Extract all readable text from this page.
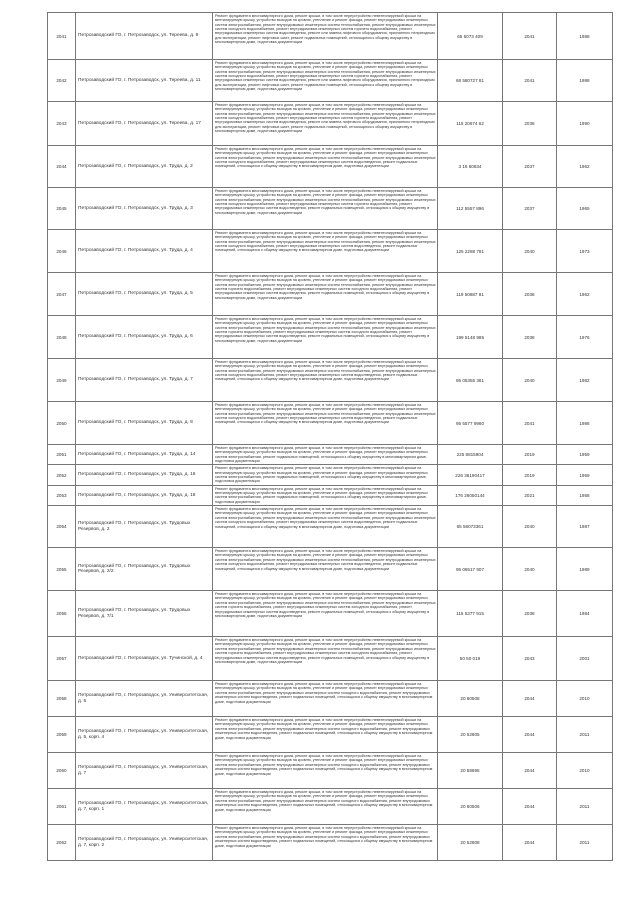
2041	Петрозаводский ГО, г. Петрозаводск, ул. Тереева, д. 9	Ремонт фундамента многоквартирного дома, ремонт крыши, в том числе переустройство невентилируемой крыши на вентилируемую крышу, устройство выходов на кровлю, утепление и ремонт фасада, ремонт внутридомовых инженерных систем электроснабжения, ремонт внутридомовых инженерных систем теплоснабжения, ремонт внутридомовых инженерных систем холодного водоснабжения, ремонт внутридомовых инженерных систем горячего водоснабжения, ремонт внутридомовых инженерных систем водоотведения, ремонт или замена лифтового оборудования, признанного непригодным для эксплуатации, ремонт лифтовых шахт, ремонт подвальных помещений, относящихся к общему имуществу в многоквартирном доме, подготовка документации	65 5073 409	2041	1988
2042	Петрозаводский ГО, г. Петрозаводск, ул. Тереева, д. 11	Ремонт фундамента многоквартирного дома, ремонт крыши, в том числе переустройство невентилируемой крыши на вентилируемую крышу, устройство выходов на кровлю, утепление и ремонт фасада, ремонт внутридомовых инженерных систем электроснабжения, ремонт внутридомовых инженерных систем теплоснабжения, ремонт внутридомовых инженерных систем холодного водоснабжения, ремонт внутридомовых инженерных систем горячего водоснабжения, ремонт внутридомовых инженерных систем водоотведения, ремонт или замена лифтового оборудования, признанного непригодным для эксплуатации, ремонт лифтовых шахт, ремонт подвальных помещений, относящихся к общему имуществу в многоквартирном доме, подготовка документации	68 580727 81	2041	1988
2043	Петрозаводский ГО, г. Петрозаводск, ул. Тереева, д. 17	Ремонт фундамента многоквартирного дома, ремонт крыши, в том числе переустройство невентилируемой крыши на вентилируемую крышу, устройство выходов на кровлю, утепление и ремонт фасада, ремонт внутридомовых инженерных систем электроснабжения, ремонт внутридомовых инженерных систем теплоснабжения, ремонт внутридомовых инженерных систем холодного водоснабжения, ремонт внутридомовых инженерных систем горячего водоснабжения, ремонт внутридомовых инженерных систем водоотведения, ремонт или замена лифтового оборудования, признанного непригодным для эксплуатации, ремонт лифтовых шахт, ремонт подвальных помещений, относящихся к общему имуществу в многоквартирном доме, подготовка документации	115 20674 62	2038	1990
2044	Петрозаводский ГО, г. Петрозаводск, ул. Труда, д. 2	Ремонт фундамента многоквартирного дома, ремонт крыши, в том числе переустройство невентилируемой крыши на вентилируемую крышу, устройство выходов на кровлю, утепление и ремонт фасада, ремонт внутридомовых инженерных систем электроснабжения, ремонт внутридомовых инженерных систем теплоснабжения, ремонт внутридомовых инженерных систем холодного водоснабжения, ремонт внутридомовых инженерных систем водоотведения, ремонт подвальных помещений, относящихся к общему имуществу в многоквартирном доме, подготовка документации	3 16 60834	2037	1962
2045	Петрозаводский ГО, г. Петрозаводск, ул. Труда, д. 3	Ремонт фундамента многоквартирного дома, ремонт крыши, в том числе переустройство невентилируемой крыши на вентилируемую крышу, устройство выходов на кровлю, утепление и ремонт фасада, ремонт внутридомовых инженерных систем электроснабжения, ремонт внутридомовых инженерных систем теплоснабжения, ремонт внутридомовых инженерных систем холодного водоснабжения, ремонт внутридомовых инженерных систем горячего водоснабжения, ремонт внутридомовых инженерных систем водоотведения, ремонт подвальных помещений, относящихся к общему имуществу в многоквартирном доме, подготовка документации	112 5557 896	2037	1965
2046	Петрозаводский ГО, г. Петрозаводск, ул. Труда, д. 4	Ремонт фундамента многоквартирного дома, ремонт крыши, в том числе переустройство невентилируемой крыши на вентилируемую крышу, устройство выходов на кровлю, утепление и ремонт фасада, ремонт внутридомовых инженерных систем электроснабжения, ремонт внутридомовых инженерных систем теплоснабжения, ремонт внутридомовых инженерных систем холодного водоснабжения, ремонт внутридомовых инженерных систем водоотведения, ремонт подвальных помещений, относящихся к общему имуществу в многоквартирном доме, подготовка документации	125 2288 781	2040	1973
2047	Петрозаводский ГО, г. Петрозаводск, ул. Труда, д. 5	Ремонт фундамента многоквартирного дома, ремонт крыши, в том числе переустройство невентилируемой крыши на вентилируемую крышу, устройство выходов на кровлю, утепление и ремонт фасада, ремонт внутридомовых инженерных систем электроснабжения, ремонт внутридомовых инженерных систем теплоснабжения, ремонт внутридомовых инженерных систем горячего водоснабжения, ремонт внутридомовых инженерных систем холодного водоснабжения, ремонт внутридомовых инженерных систем водоотведения, ремонт подвальных помещений, относящихся к общему имуществу в многоквартирном доме, подготовка документации	119 50887 81	2038	1962
2048	Петрозаводский ГО, г. Петрозаводск, ул. Труда, д. 6	Ремонт фундамента многоквартирного дома, ремонт крыши, в том числе переустройство невентилируемой крыши на вентилируемую крышу, устройство выходов на кровлю, утепление и ремонт фасада, ремонт внутридомовых инженерных систем электроснабжения, ремонт внутридомовых инженерных систем теплоснабжения, ремонт внутридомовых инженерных систем горячего водоснабжения, ремонт внутридомовых инженерных систем холодного водоснабжения, ремонт внутридомовых инженерных систем водоотведения, ремонт подвальных помещений, относящихся к общему имуществу в многоквартирном доме, подготовка документации	199 5148 985	2038	1976
2049	Петрозаводский ГО, г. Петрозаводск, ул. Труда, д. 7	Ремонт фундамента многоквартирного дома, ремонт крыши, в том числе переустройство невентилируемой крыши на вентилируемую крышу, устройство выходов на кровлю, утепление и ремонт фасада, ремонт внутридомовых инженерных систем электроснабжения, ремонт внутридомовых инженерных систем теплоснабжения, ремонт внутридомовых инженерных систем холодного водоснабжения, ремонт внутридомовых инженерных систем водоотведения, ремонт подвальных помещений, относящихся к общему имуществу в многоквартирном доме, подготовка документации	95 05355 381	2040	1982
2050	Петрозаводский ГО, г. Петрозаводск, ул. Труда, д. 8	Ремонт фундамента многоквартирного дома, ремонт крыши, в том числе переустройство невентилируемой крыши на вентилируемую крышу, устройство выходов на кровлю, утепление и ремонт фасада, ремонт внутридомовых инженерных систем электроснабжения, ремонт внутридомовых инженерных систем теплоснабжения, ремонт внутридомовых инженерных систем холодного водоснабжения, ремонт внутридомовых инженерных систем водоотведения, ремонт подвальных помещений, относящихся к общему имуществу в многоквартирном доме, подготовка документации	95 5577 9960	2041	1986
2051	Петрозаводский ГО, г. Петрозаводск, ул. Труда, д. 14	Ремонт фундамента многоквартирного дома, ремонт крыши, в том числе переустройство невентилируемой крыши на вентилируемую крышу, устройство выходов на кровлю, утепление и ремонт фасада, ремонт внутридомовых инженерных систем электроснабжения, ремонт подвальных помещений, относящихся к общему имуществу в многоквартирном доме, подготовка документации	225 8815904	2019	1959
2052	Петрозаводский ГО, г. Петрозаводск, ул. Труда, д. 16	Ремонт фундамента многоквартирного дома, ремонт крыши, в том числе переустройство невентилируемой крыши на вентилируемую крышу, устройство выходов на кровлю, утепление и ремонт фасада, ремонт внутридомовых инженерных систем электроснабжения, ремонт подвальных помещений, относящихся к общему имуществу в многоквартирном доме, подготовка документации	226 36190417	2019	1959
2053	Петрозаводский ГО, г. Петрозаводск, ул. Труда, д. 18	Ремонт фундамента многоквартирного дома, ремонт крыши, в том числе переустройство невентилируемой крыши на вентилируемую крышу, устройство выходов на кровлю, утепление и ремонт фасада, ремонт внутридомовых инженерных систем электроснабжения, ремонт подвальных помещений, относящихся к общему имуществу в многоквартирном доме, подготовка документации	176 26050144	2021	1958
2054	Петрозаводский ГО, г. Петрозаводск, ул. Трудовых Резервов, д. 2	Ремонт фундамента многоквартирного дома, ремонт крыши, в том числе переустройство невентилируемой крыши на вентилируемую крышу, устройство выходов на кровлю, утепление и ремонт фасада, ремонт внутридомовых инженерных систем электроснабжения, ремонт внутридомовых инженерных систем теплоснабжения, ремонт внутридомовых инженерных систем холодного водоснабжения, ремонт внутридомовых инженерных систем водоотведения, ремонт подвальных помещений, относящихся к общему имуществу в многоквартирном доме, подготовка документации	65 58073361	2040	1987
2055	Петрозаводский ГО, г. Петрозаводск, ул. Трудовых Резервов, д. 2/2	Ремонт фундамента многоквартирного дома, ремонт крыши, в том числе переустройство невентилируемой крыши на вентилируемую крышу, устройство выходов на кровлю, утепление и ремонт фасада, ремонт внутридомовых инженерных систем электроснабжения, ремонт внутридомовых инженерных систем теплоснабжения, ремонт внутридомовых инженерных систем холодного водоснабжения, ремонт внутридомовых инженерных систем водоотведения, ремонт подвальных помещений, относящихся к общему имуществу в многоквартирном доме, подготовка документации	95 06517 907	2040	1989
2056	Петрозаводский ГО, г. Петрозаводск, ул. Трудовых Резервов, д. 7/1	Ремонт фундамента многоквартирного дома, ремонт крыши, в том числе переустройство невентилируемой крыши на вентилируемую крышу, устройство выходов на кровлю, утепление и ремонт фасада, ремонт внутридомовых инженерных систем электроснабжения, ремонт внутридомовых инженерных систем теплоснабжения, ремонт внутридомовых инженерных систем горячего водоснабжения, ремонт внутридомовых инженерных систем холодного водоснабжения, ремонт внутридомовых инженерных систем водоотведения, ремонт подвальных помещений, относящихся к общему имуществу в многоквартирном доме, подготовка документации	115 5377 915	2038	1984
2057	Петрозаводский ГО, г. Петрозаводск, ул. Тучинской, д. 4	Ремонт фундамента многоквартирного дома, ремонт крыши, в том числе переустройство невентилируемой крыши на вентилируемую крышу, устройство выходов на кровлю, утепление и ремонт фасада, ремонт внутридомовых инженерных систем электроснабжения, ремонт внутридомовых инженерных систем теплоснабжения, ремонт внутридомовых инженерных систем горячего водоснабжения, ремонт внутридомовых инженерных систем холодного водоснабжения, ремонт внутридомовых инженерных систем водоотведения, ремонт подвальных помещений, относящихся к общему имуществу в многоквартирном доме, подготовка документации	50 50 019	2043	2001
2058	Петрозаводский ГО, г. Петрозаводск, ул. Университетская, д. 5	Ремонт фундамента многоквартирного дома, ремонт крыши, в том числе переустройство невентилируемой крыши на вентилируемую крышу, устройство выходов на кровлю, утепление и ремонт фасада, ремонт внутридомовых инженерных систем электроснабжения, ремонт внутридомовых инженерных систем холодного водоснабжения, ремонт внутридомовых инженерных систем водоотведения, ремонт подвальных помещений, относящихся к общему имуществу в многоквартирном доме, подготовка документации	20 60508	2044	2010
2059	Петрозаводский ГО, г. Петрозаводск, ул. Университетская, д. 5, корп. 4	Ремонт фундамента многоквартирного дома, ремонт крыши, в том числе переустройство невентилируемой крыши на вентилируемую крышу, устройство выходов на кровлю, утепление и ремонт фасада, ремонт внутридомовых инженерных систем электроснабжения, ремонт внутридомовых инженерных систем холодного водоснабжения, ремонт внутридомовых инженерных систем водоотведения, ремонт подвальных помещений, относящихся к общему имуществу в многоквартирном доме, подготовка документации	20 52805	2044	2011
2060	Петрозаводский ГО, г. Петрозаводск, ул. Университетская, д. 7	Ремонт фундамента многоквартирного дома, ремонт крыши, в том числе переустройство невентилируемой крыши на вентилируемую крышу, устройство выходов на кровлю, утепление и ремонт фасада, ремонт внутридомовых инженерных систем электроснабжения, ремонт внутридомовых инженерных систем холодного водоснабжения, ремонт внутридомовых инженерных систем водоотведения, ремонт подвальных помещений, относящихся к общему имуществу в многоквартирном доме, подготовка документации	20 58695	2044	2010
2061	Петрозаводский ГО, г. Петрозаводск, ул. Университетская, д. 7, корп. 1	Ремонт фундамента многоквартирного дома, ремонт крыши, в том числе переустройство невентилируемой крыши на вентилируемую крышу, устройство выходов на кровлю, утепление и ремонт фасада, ремонт внутридомовых инженерных систем электроснабжения, ремонт внутридомовых инженерных систем холодного водоснабжения, ремонт внутридомовых инженерных систем водоотведения, ремонт подвальных помещений, относящихся к общему имуществу в многоквартирном доме, подготовка документации	20 60506	2044	2011
2062	Петрозаводский ГО, г. Петрозаводск, ул. Университетская, д. 7, корп. 2	Ремонт фундамента многоквартирного дома, ремонт крыши, в том числе переустройство невентилируемой крыши на вентилируемую крышу, устройство выходов на кровлю, утепление и ремонт фасада, ремонт внутридомовых инженерных систем электроснабжения, ремонт внутридомовых инженерных систем холодного водоснабжения, ремонт внутридомовых инженерных систем водоотведения, ремонт подвальных помещений, относящихся к общему имуществу в многоквартирном доме, подготовка документации	20 52808	2044	2011
